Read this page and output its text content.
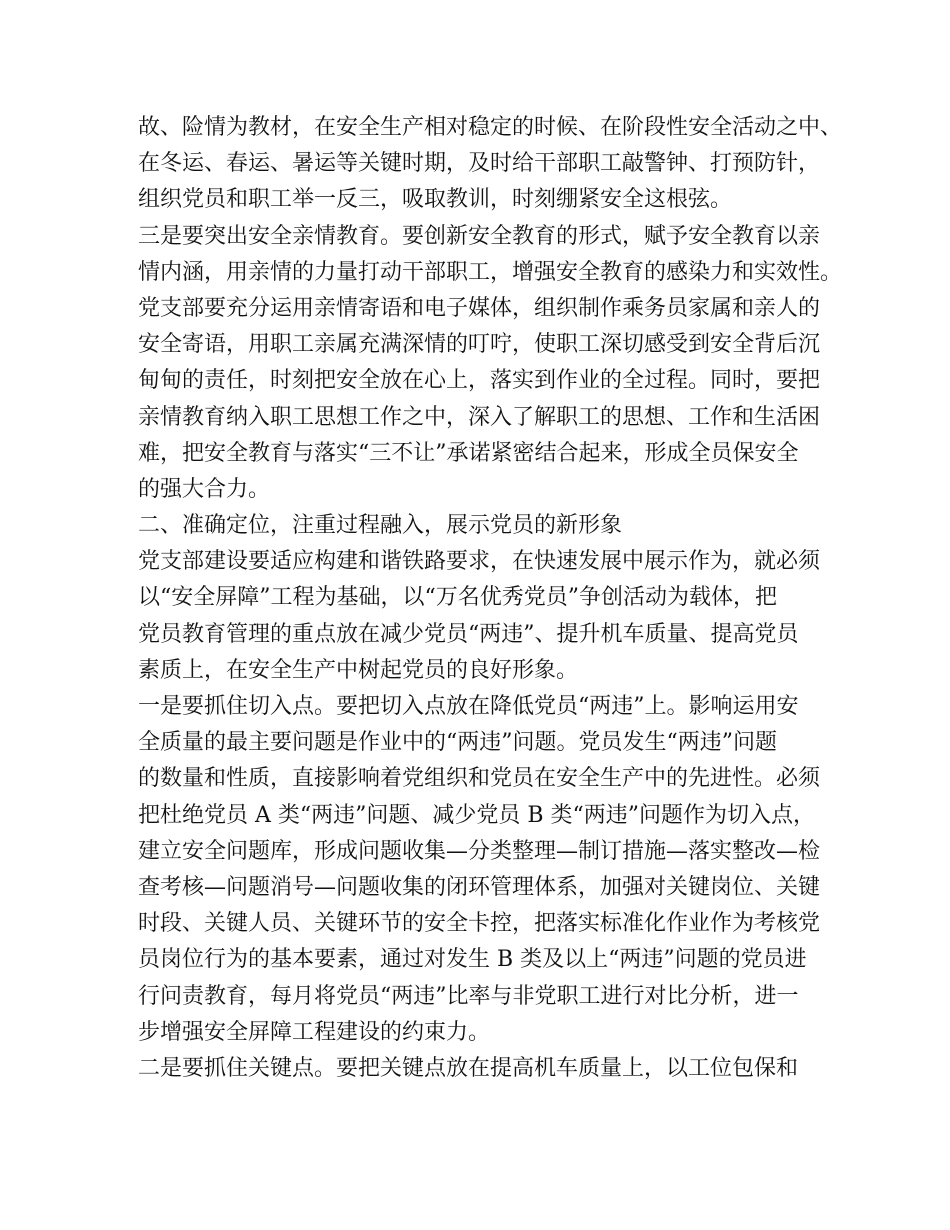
故、险情为教材，在安全生产相对稳定的时候、在阶段性安全活动之中、
在冬运、春运、暑运等关键时期，及时给干部职工敲警钟、打预防针，
组织党员和职工举一反三，吸取教训，时刻绷紧安全这根弦。
三是要突出安全亲情教育。要创新安全教育的形式，赋予安全教育以亲
情内涵，用亲情的力量打动干部职工，增强安全教育的感染力和实效性。
党支部要充分运用亲情寄语和电子媒体，组织制作乘务员家属和亲人的
安全寄语，用职工亲属充满深情的叮咛，使职工深切感受到安全背后沉
甸甸的责任，时刻把安全放在心上，落实到作业的全过程。同时，要把
亲情教育纳入职工思想工作之中，深入了解职工的思想、工作和生活困
难，把安全教育与落实“三不让”承诺紧密结合起来，形成全员保安全
的强大合力。
二、准确定位，注重过程融入，展示党员的新形象
党支部建设要适应构建和谐铁路要求，在快速发展中展示作为，就必须
以“安全屏障”工程为基础，以“万名优秀党员”争创活动为载体，把
党员教育管理的重点放在减少党员“两违”、提升机车质量、提高党员
素质上，在安全生产中树起党员的良好形象。
一是要抓住切入点。要把切入点放在降低党员“两违”上。影响运用安
全质量的最主要问题是作业中的“两违”问题。党员发生“两违”问题
的数量和性质，直接影响着党组织和党员在安全生产中的先进性。必须
把杜绝党员 A 类“两违”问题、减少党员 B 类“两违”问题作为切入点，
建立安全问题库，形成问题收集—分类整理—制订措施—落实整改—检
查考核—问题消号—问题收集的闭环管理体系，加强对关键岗位、关键
时段、关键人员、关键环节的安全卡控，把落实标准化作业作为考核党
员岗位行为的基本要素，通过对发生 B 类及以上“两违”问题的党员进
行问责教育，每月将党员“两违”比率与非党职工进行对比分析，进一
步增强安全屏障工程建设的约束力。
二是要抓住关键点。要把关键点放在提高机车质量上，以工位包保和
